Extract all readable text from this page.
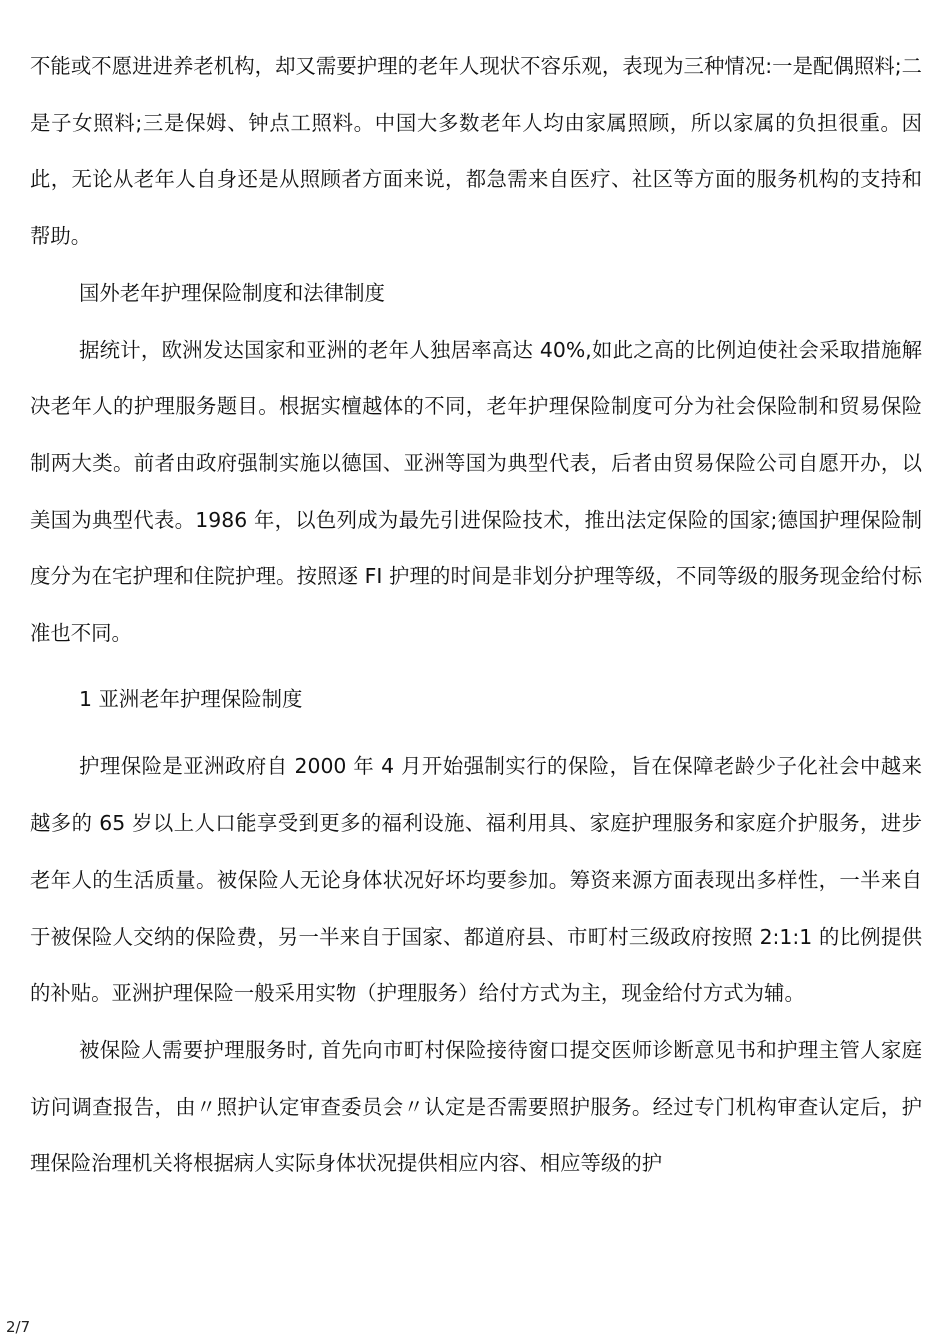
不能或不愿进进养老机构，却又需要护理的老年人现状不容乐观，表现为三种情况:一是配偶照料;二是子女照料;三是保姆、钟点工照料。中国大多数老年人均由家属照顾，所以家属的负担很重。因此，无论从老年人自身还是从照顾者方面来说，都急需来自医疗、社区等方面的服务机构的支持和帮助。

国外老年护理保险制度和法律制度

据统计，欧洲发达国家和亚洲的老年人独居率高达 40%,如此之高的比例迫使社会采取措施解决老年人的护理服务题目。根据实檀越体的不同，老年护理保险制度可分为社会保险制和贸易保险制两大类。前者由政府强制实施以德国、亚洲等国为典型代表，后者由贸易保险公司自愿开办，以美国为典型代表。1986 年，以色列成为最先引进保险技术，推出法定保险的国家;德国护理保险制度分为在宅护理和住院护理。按照逐 FI 护理的时间是非划分护理等级，不同等级的服务现金给付标准也不同。

1 亚洲老年护理保险制度

护理保险是亚洲政府自 2000 年 4 月开始强制实行的保险，旨在保障老龄少子化社会中越来越多的 65 岁以上人口能享受到更多的福利设施、福利用具、家庭护理服务和家庭介护服务，进步老年人的生活质量。被保险人无论身体状况好坏均要参加。筹资来源方面表现出多样性，一半来自于被保险人交纳的保险费，另一半来自于国家、都道府县、市町村三级政府按照 2:1:1 的比例提供的补贴。亚洲护理保险一般采用实物（护理服务）给付方式为主，现金给付方式为辅。

被保险人需要护理服务时, 首先向市町村保险接待窗口提交医师诊断意见书和护理主管人家庭访问调查报告，由〃照护认定审查委员会〃认定是否需要照护服务。经过专门机构审查认定后，护理保险治理机关将根据病人实际身体状况提供相应内容、相应等级的护

2/7
